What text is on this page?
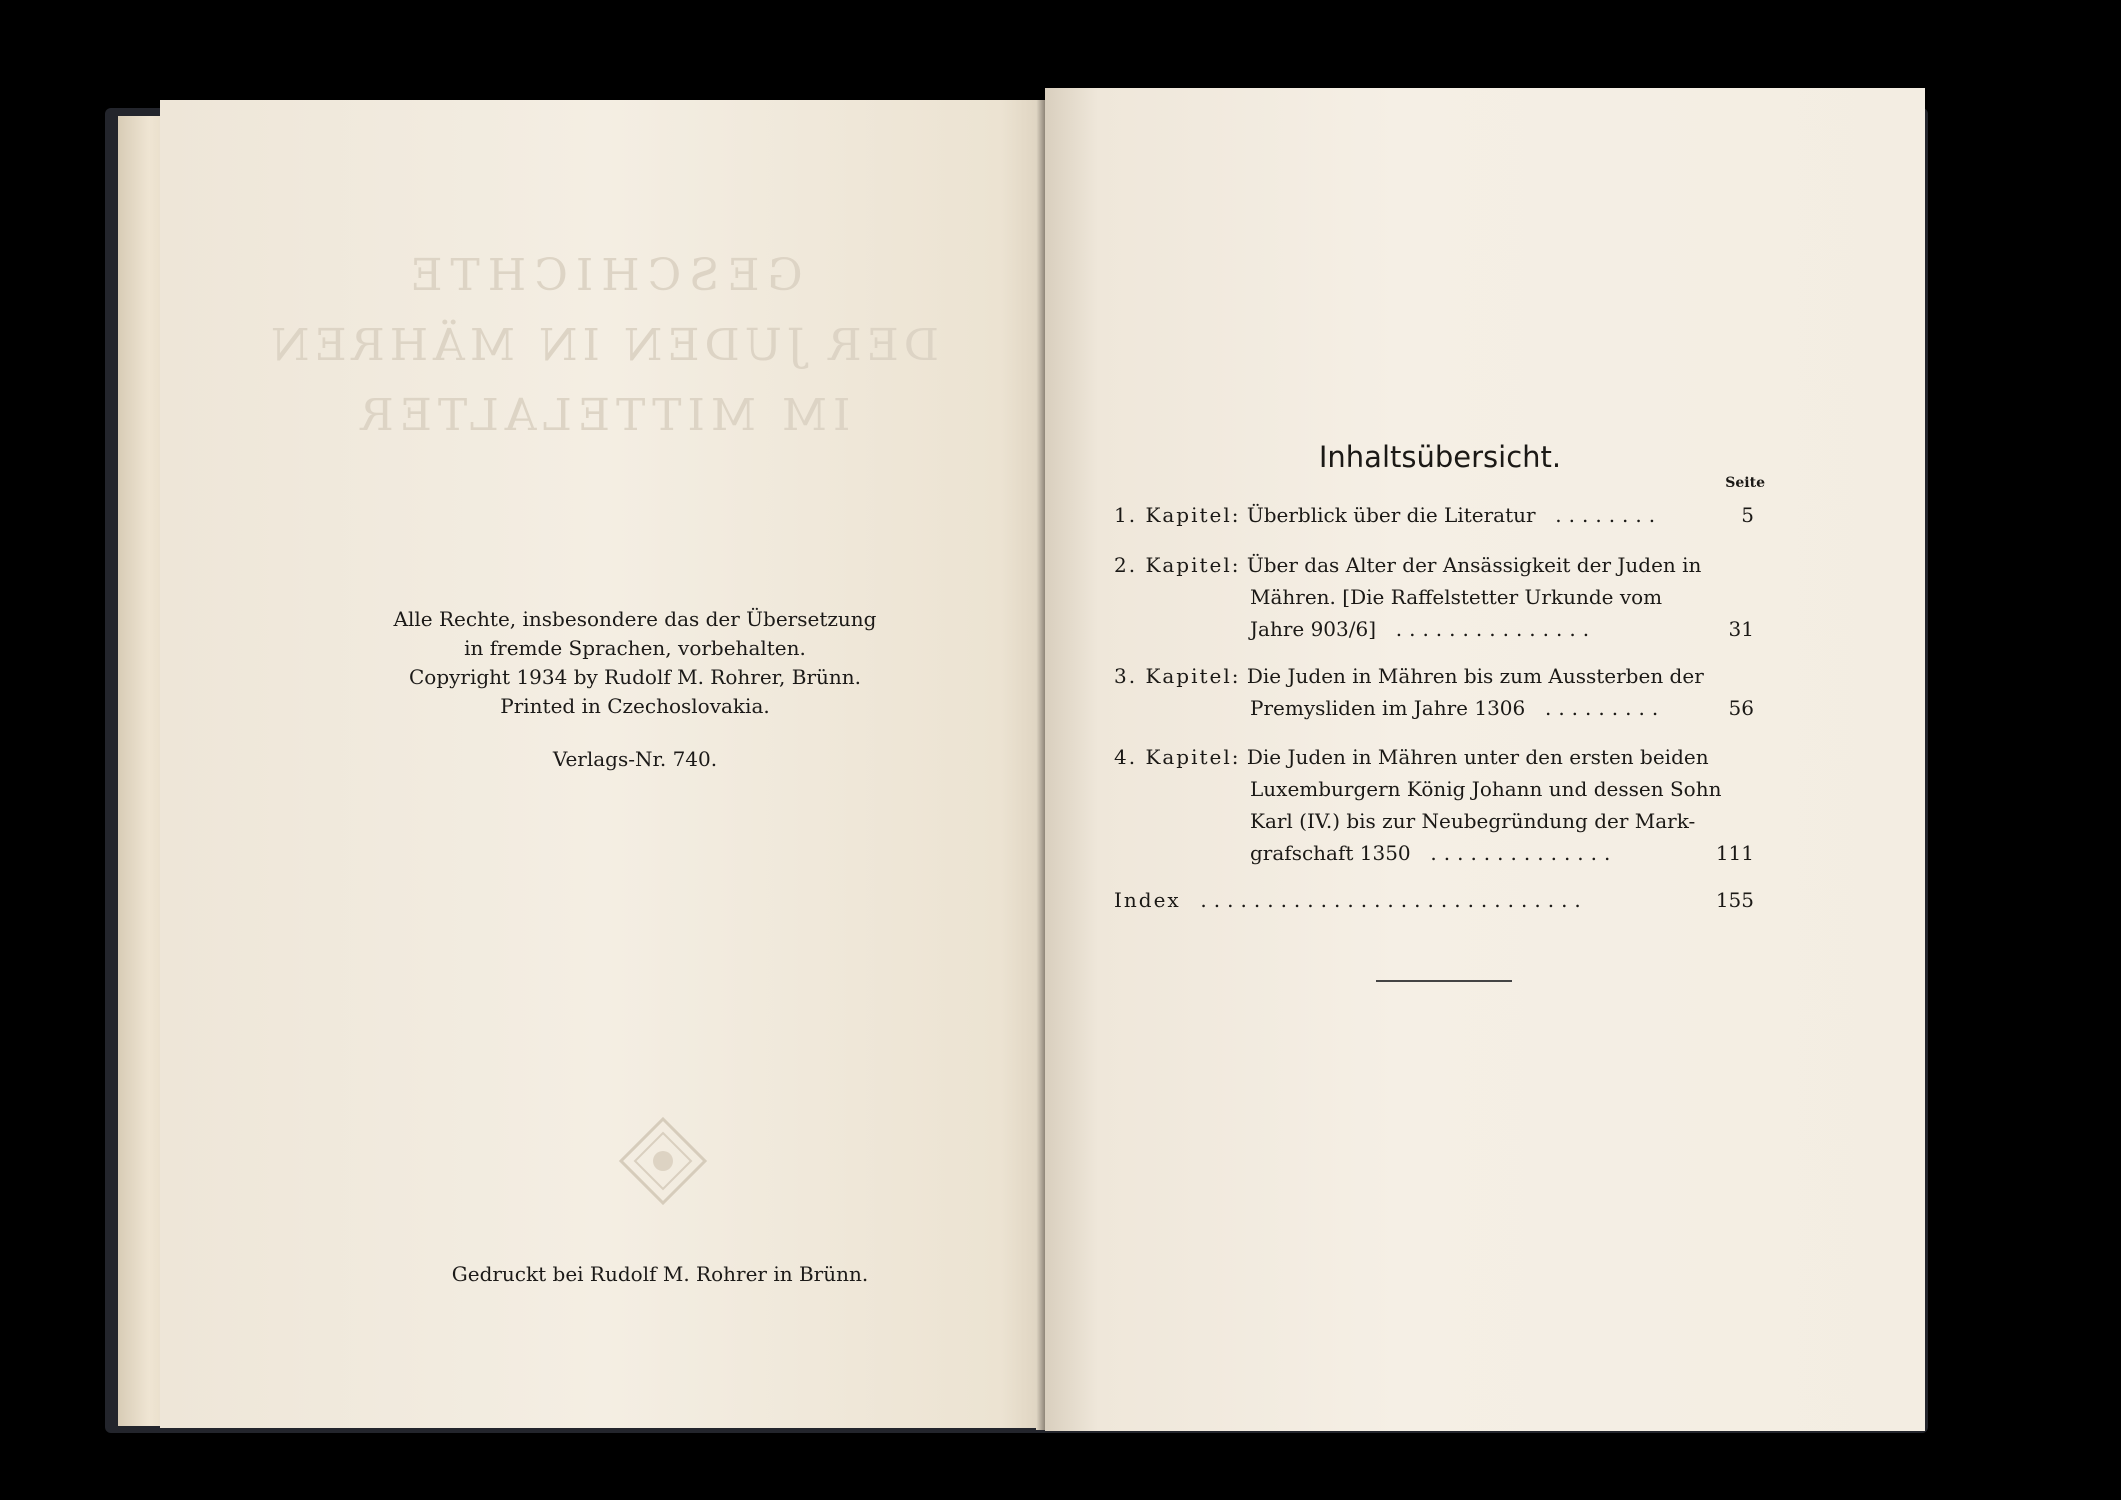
GESCHICHTE
DER JUDEN IN MÄHREN
IM MITTELALTER
Alle Rechte, insbesondere das der Übersetzung
in fremde Sprachen, vorbehalten.
Copyright 1934 by Rudolf M. Rohrer, Brünn.
Printed in Czechoslovakia.
Verlags-Nr. 740.
Gedruckt bei Rudolf M. Rohrer in Brünn.
Inhaltsübersicht.
Seite
1. Kapitel: Überblick über die Literatur  ........	5
2. Kapitel: Über das Alter der Ansässigkeit der Juden in
Mähren. [Die Raffelstetter Urkunde vom
Jahre 903/6]  ...............	31
3. Kapitel: Die Juden in Mähren bis zum Aussterben der
Premysliden im Jahre 1306  .........	56
4. Kapitel: Die Juden in Mähren unter den ersten beiden
Luxemburgern König Johann und dessen Sohn
Karl (IV.) bis zur Neubegründung der Mark-
grafschaft 1350  ..............	111
Index  .............................	155
